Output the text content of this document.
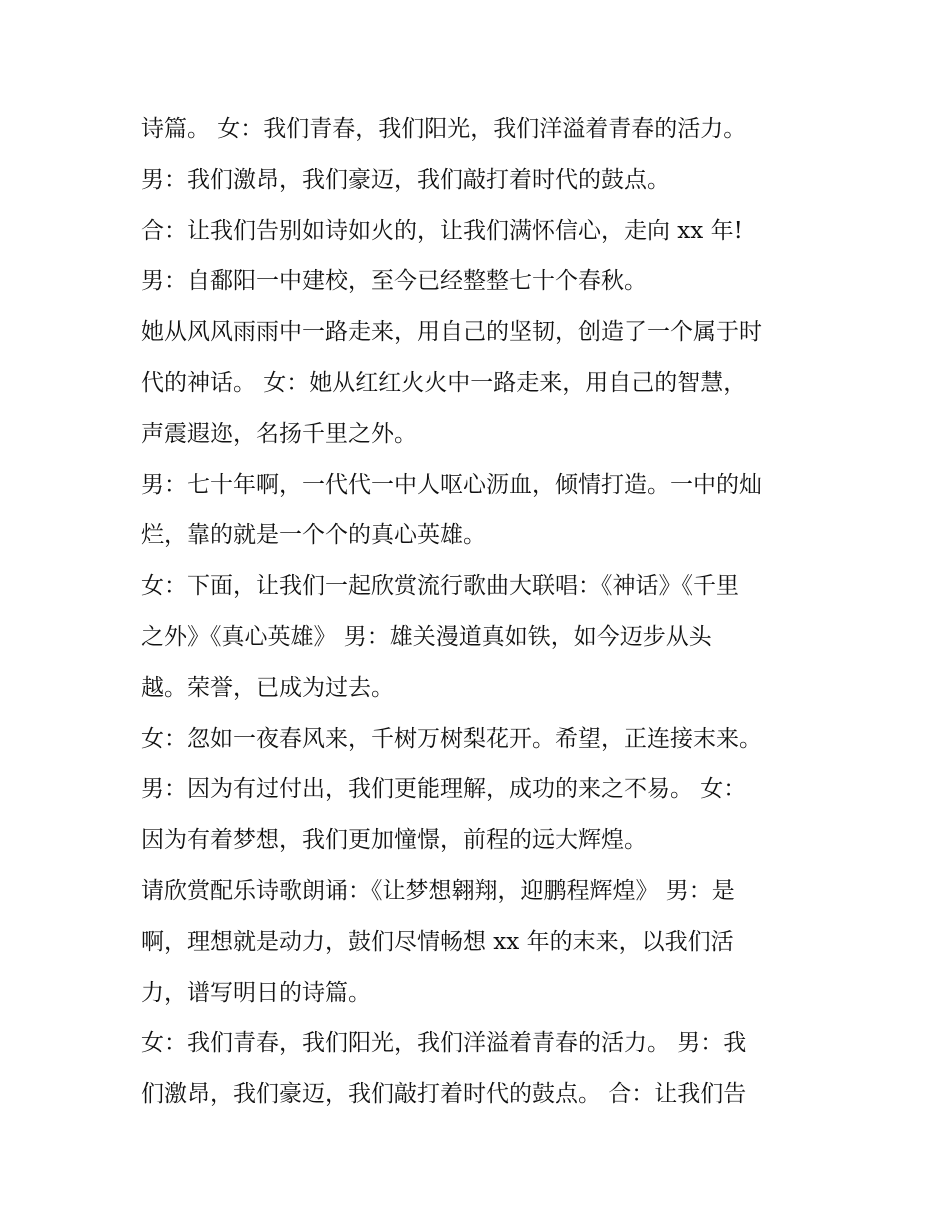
诗篇。 女：我们青春，我们阳光，我们洋溢着青春的活力。
男：我们激昂，我们豪迈，我们敲打着时代的鼓点。
合：让我们告别如诗如火的，让我们满怀信心，走向 xx 年!
男：自鄱阳一中建校，至今已经整整七十个春秋。
她从风风雨雨中一路走来，用自己的坚韧，创造了一个属于时
代的神话。 女：她从红红火火中一路走来，用自己的智慧，
声震遐迩，名扬千里之外。
男：七十年啊，一代代一中人呕心沥血，倾情打造。一中的灿
烂，靠的就是一个个的真心英雄。
女：下面，让我们一起欣赏流行歌曲大联唱：《神话》《千里
之外》《真心英雄》 男：雄关漫道真如铁，如今迈步从头
越。荣誉，已成为过去。
女：忽如一夜春风来，千树万树梨花开。希望，正连接末来。
男：因为有过付出，我们更能理解，成功的来之不易。 女：
因为有着梦想，我们更加憧憬，前程的远大辉煌。
请欣赏配乐诗歌朗诵：《让梦想翱翔，迎鹏程辉煌》 男：是
啊，理想就是动力，鼓们尽情畅想 xx 年的末来，以我们活
力，谱写明日的诗篇。
女：我们青春，我们阳光，我们洋溢着青春的活力。 男：我
们激昂，我们豪迈，我们敲打着时代的鼓点。 合：让我们告
